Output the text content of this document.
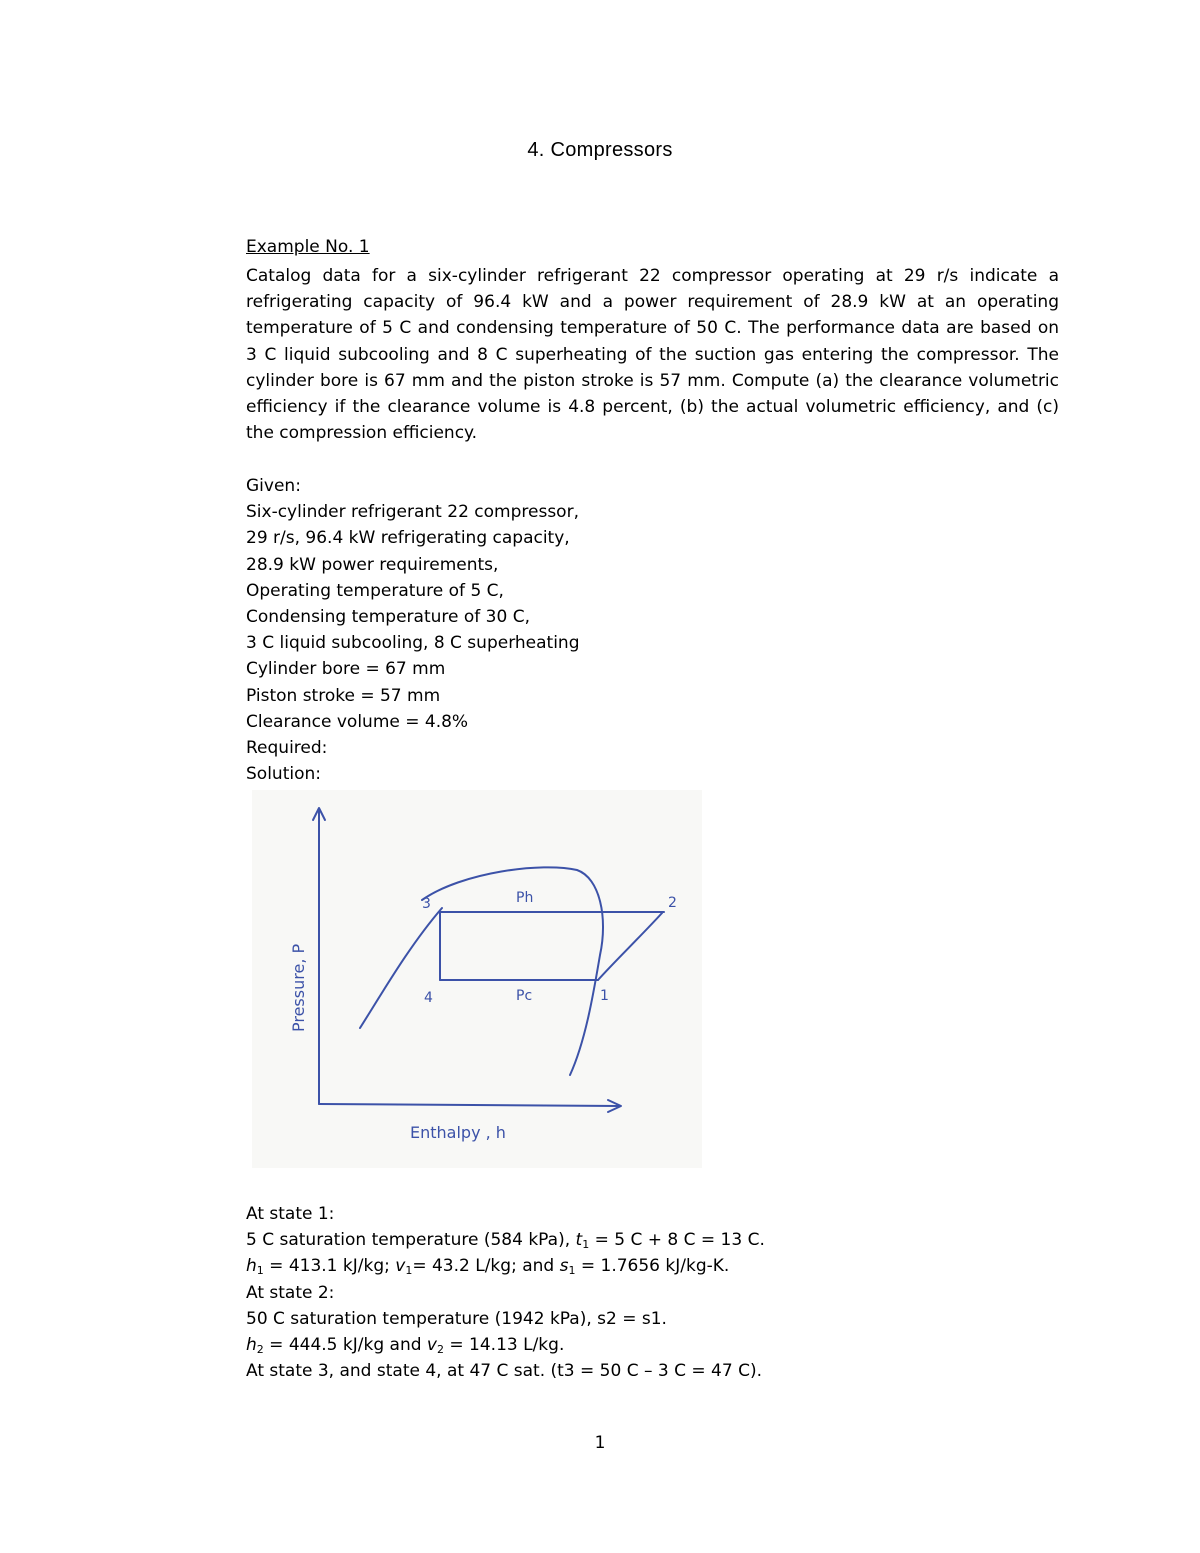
4. Compressors
Example No. 1

Catalog data for a six-cylinder refrigerant 22 compressor operating at 29 r/s indicate a refrigerating capacity of 96.4 kW and a power requirement of 28.9 kW at an operating temperature of 5 C and condensing temperature of 50 C. The performance data are based on 3 C liquid subcooling and 8 C superheating of the suction gas entering the compressor. The cylinder bore is 67 mm and the piston stroke is 57 mm. Compute (a) the clearance volumetric efficiency if the clearance volume is 4.8 percent, (b) the actual volumetric efficiency, and (c) the compression efficiency.

Given:
Six-cylinder refrigerant 22 compressor,
29 r/s, 96.4 kW refrigerating capacity,
28.9 kW power requirements,
Operating temperature of 5 C,
Condensing temperature of 30 C,
3 C liquid subcooling, 8 C superheating
Cylinder bore = 67 mm
Piston stroke = 57 mm
Clearance volume = 4.8%
Required:
Solution:
Pressure, P
Enthalpy , h
3	2
4	1
Ph
Pc
At state 1:
5 C saturation temperature (584 kPa), $t_1 = 5$ C + 8 C = 13 C.
$h_1 = 413.1$ kJ/kg; $v_1= 43.2$ L/kg; and $s_1 = 1.7656$ kJ/kg-K.
At state 2:
50 C saturation temperature (1942 kPa), s2 = s1.
$h_2 = 444.5$ kJ/kg and $v_2 = 14.13$ L/kg.
At state 3, and state 4, at 47 C sat. (t3 = 50 C – 3 C = 47 C).
1
